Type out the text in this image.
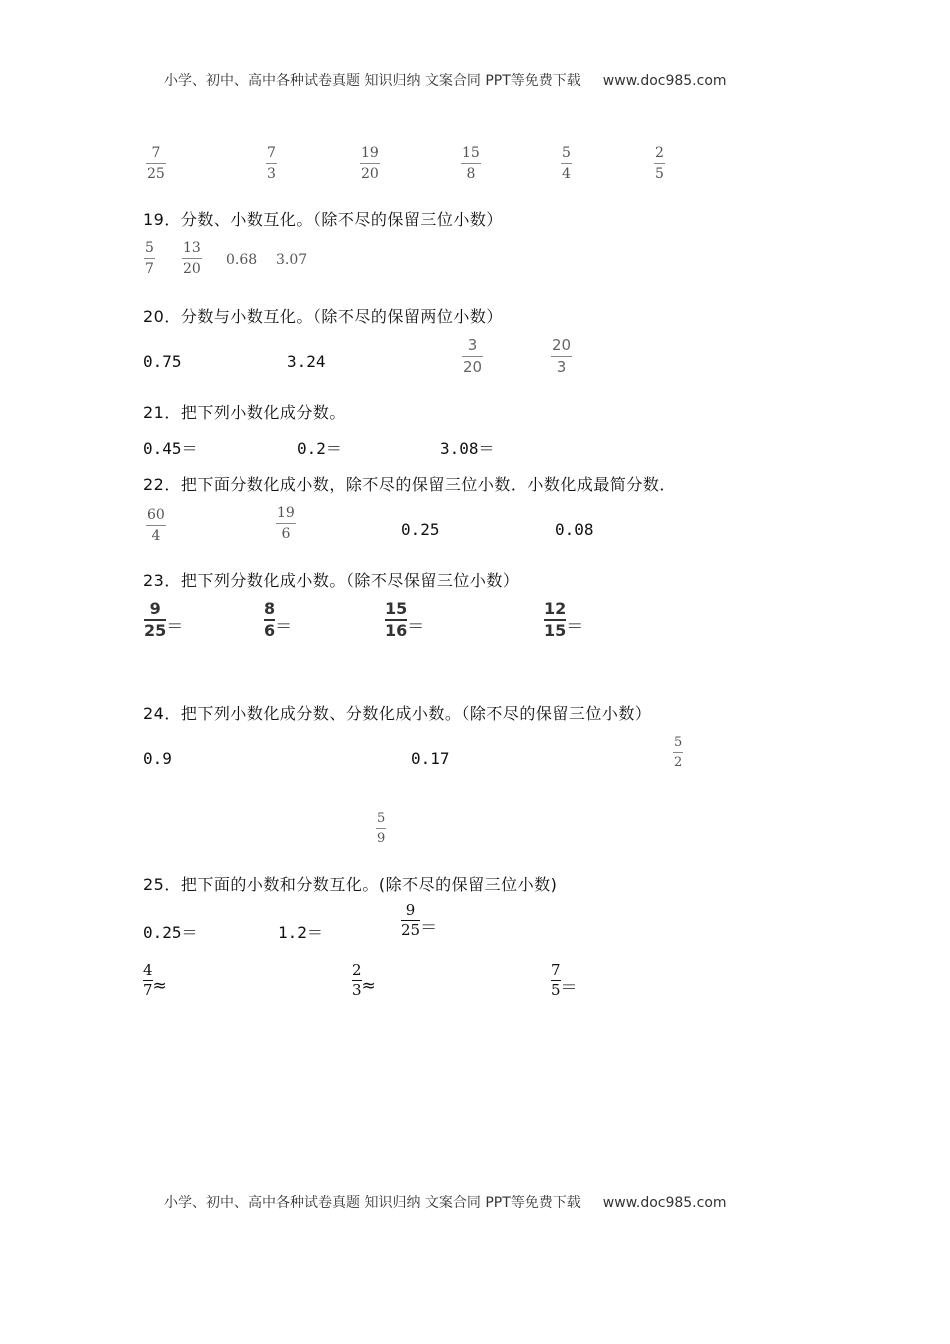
小学、初中、高中各种试卷真题 知识归纳 文案合同 PPT等免费下载 www.doc985.com
7
25
7
3
19
20
15
8
5
4
2
5
19．分数、小数互化。（除不尽的保留三位小数）
5
7
13
20
0.68 3.07
20．分数与小数互化。（除不尽的保留两位小数）
0.75	3.24
3
20
20
3
21．把下列小数化成分数。
0.45＝	0.2＝	3.08＝
22．把下面分数化成小数，除不尽的保留三位小数．小数化成最简分数．
60
4
19
6	0.25	0.08
23．把下列分数化成小数。（除不尽保留三位小数）
9
25 ＝
8
6 ＝
15
16 ＝
12
15 ＝
24．把下列小数化成分数、分数化成小数。（除不尽的保留三位小数）
0.9	0.17
5
2
5
9
25．把下面的小数和分数互化。(除不尽的保留三位小数)
0.25＝	1.2＝
9
25 ＝
4
7 ≈
2
3 ≈
7
5 ＝
小学、初中、高中各种试卷真题 知识归纳 文案合同 PPT等免费下载 www.doc985.com
